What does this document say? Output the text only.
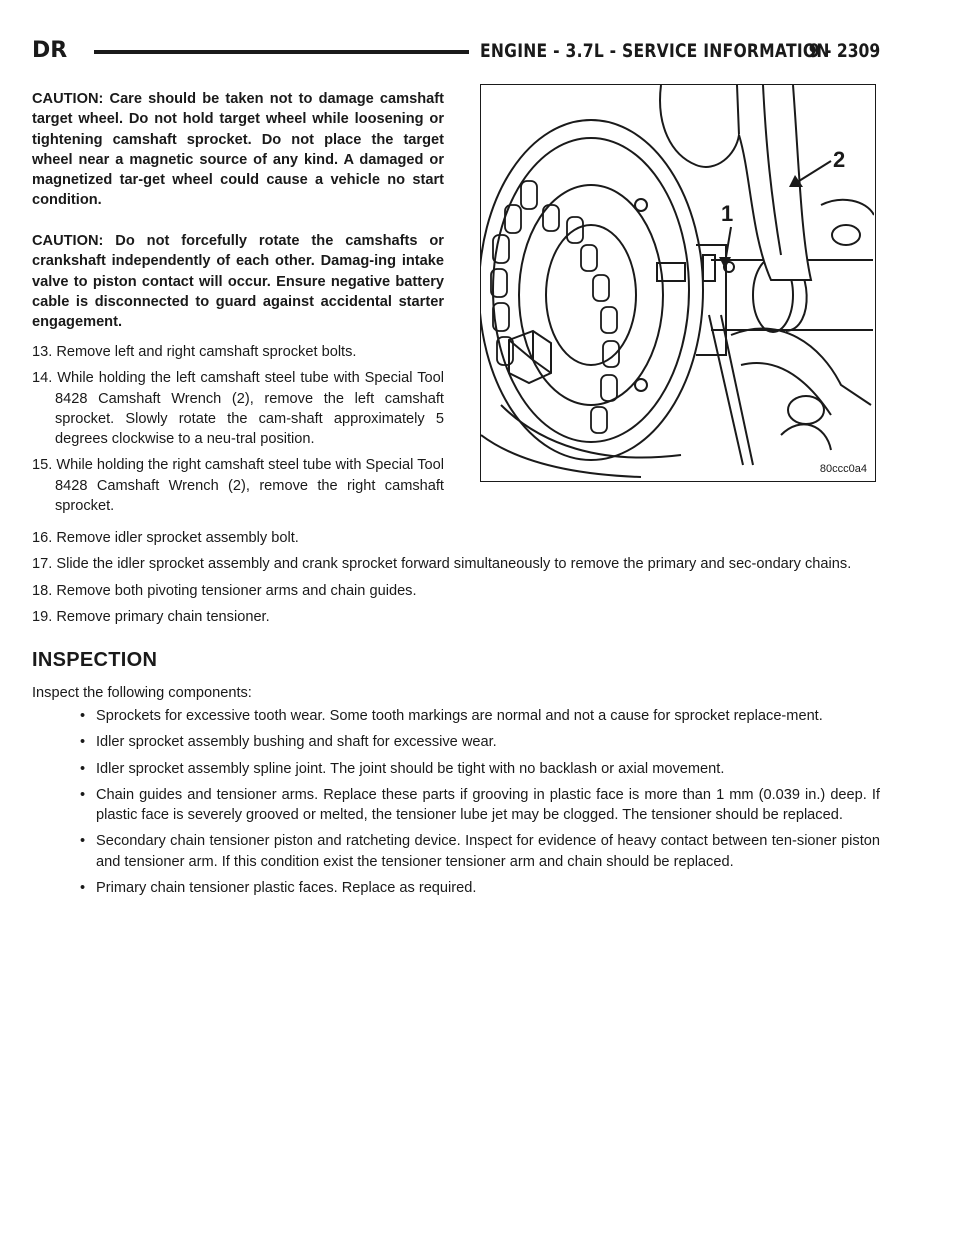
DR	ENGINE - 3.7L - SERVICE INFORMATION
9 - 2309
CAUTION: Care should be taken not to damage camshaft target wheel. Do not hold target wheel while loosening or tightening camshaft sprocket. Do not place the target wheel near a magnetic source of any kind. A damaged or magnetized tar-get wheel could cause a vehicle no start condition.
CAUTION: Do not forcefully rotate the camshafts or crankshaft independently of each other. Damag-ing intake valve to piston contact will occur. Ensure negative battery cable is disconnected to guard against accidental starter engagement.
13. Remove left and right camshaft sprocket bolts.
14. While holding the left camshaft steel tube with Special Tool 8428 Camshaft Wrench (2), remove the left camshaft sprocket. Slowly rotate the cam-shaft approximately 5 degrees clockwise to a neu-tral position.
15. While holding the right camshaft steel tube with Special Tool 8428 Camshaft Wrench (2), remove the right camshaft sprocket.
1
2
80ccc0a4
16. Remove idler sprocket assembly bolt.
17. Slide the idler sprocket assembly and crank sprocket forward simultaneously to remove the primary and sec-ondary chains.
18. Remove both pivoting tensioner arms and chain guides.
19. Remove primary chain tensioner.
INSPECTION
Inspect the following components:
• Sprockets for excessive tooth wear. Some tooth markings are normal and not a cause for sprocket replace-ment.
• Idler sprocket assembly bushing and shaft for excessive wear.
• Idler sprocket assembly spline joint. The joint should be tight with no backlash or axial movement.
• Chain guides and tensioner arms. Replace these parts if grooving in plastic face is more than 1 mm (0.039 in.) deep. If plastic face is severely grooved or melted, the tensioner lube jet may be clogged. The tensioner should be replaced.
• Secondary chain tensioner piston and ratcheting device. Inspect for evidence of heavy contact between ten-sioner piston and tensioner arm. If this condition exist the tensioner tensioner arm and chain should be replaced.
• Primary chain tensioner plastic faces. Replace as required.
